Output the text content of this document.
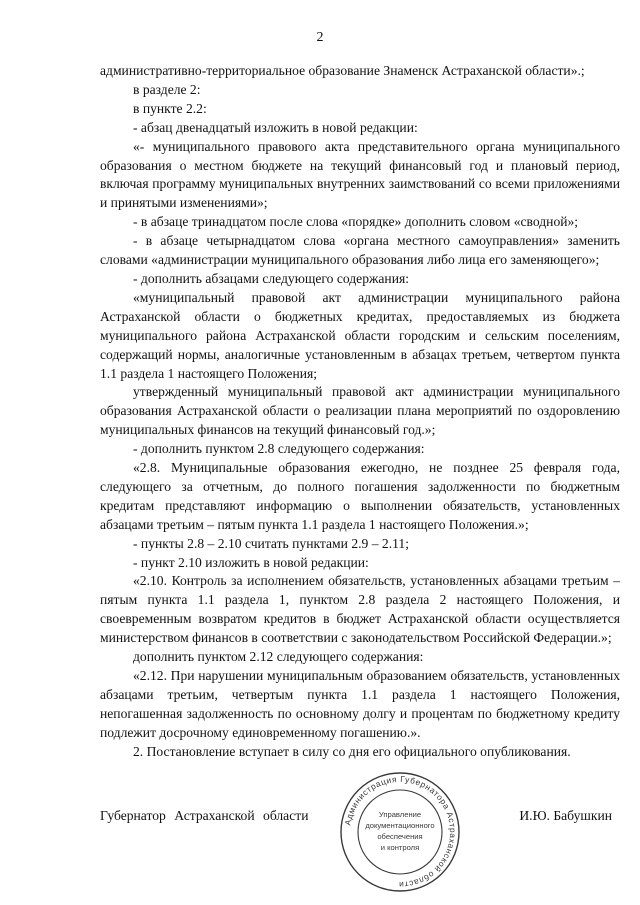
2

административно-территориальное образование Знаменск Астраханской области».;

в разделе 2:

в пункте 2.2:

- абзац двенадцатый изложить в новой редакции:

«- муниципального правового акта представительного органа муниципального образования о местном бюджете на текущий финансовый год и плановый период, включая программу муниципальных внутренних заимствований со всеми приложениями и принятыми изменениями»;

- в абзаце тринадцатом после слова «порядке» дополнить словом «сводной»;

- в абзаце четырнадцатом слова «органа местного самоуправления» заменить словами «администрации муниципального образования либо лица его заменяющего»;

- дополнить абзацами следующего содержания:

«муниципальный правовой акт администрации муниципального района Астраханской области о бюджетных кредитах, предоставляемых из бюджета муниципального района Астраханской области городским и сельским поселениям, содержащий нормы, аналогичные установленным в абзацах третьем, четвертом пункта 1.1 раздела 1 настоящего Положения;

утвержденный муниципальный правовой акт администрации муниципального образования Астраханской области о реализации плана мероприятий по оздоровлению муниципальных финансов на текущий финансовый год.»;

- дополнить пунктом 2.8 следующего содержания:

«2.8. Муниципальные образования ежегодно, не позднее 25 февраля года, следующего за отчетным, до полного погашения задолженности по бюджетным кредитам представляют информацию о выполнении обязательств, установленных абзацами третьим – пятым пункта 1.1 раздела 1 настоящего Положения.»;

- пункты 2.8 – 2.10 считать пунктами 2.9 – 2.11;

- пункт 2.10 изложить в новой редакции:

«2.10. Контроль за исполнением обязательств, установленных абзацами третьим – пятым пункта 1.1 раздела 1, пунктом 2.8 раздела 2 настоящего Положения, и своевременным возвратом кредитов в бюджет Астраханской области осуществляется министерством финансов в соответствии с законодательством Российской Федерации.»;

дополнить пунктом 2.12 следующего содержания:

«2.12. При нарушении муниципальным образованием обязательств, установленных абзацами третьим, четвертым пункта 1.1 раздела 1 настоящего Положения, непогашенная задолженность по основному долгу и процентам по бюджетному кредиту подлежит досрочному единовременному погашению.».

2. Постановление вступает в силу со дня его официального опубликования.

Губернатор Астраханской области	И.Ю. Бабушкин
Администрация Губернатора Астраханской области
Управление
документационного
обеспечения
и контроля
